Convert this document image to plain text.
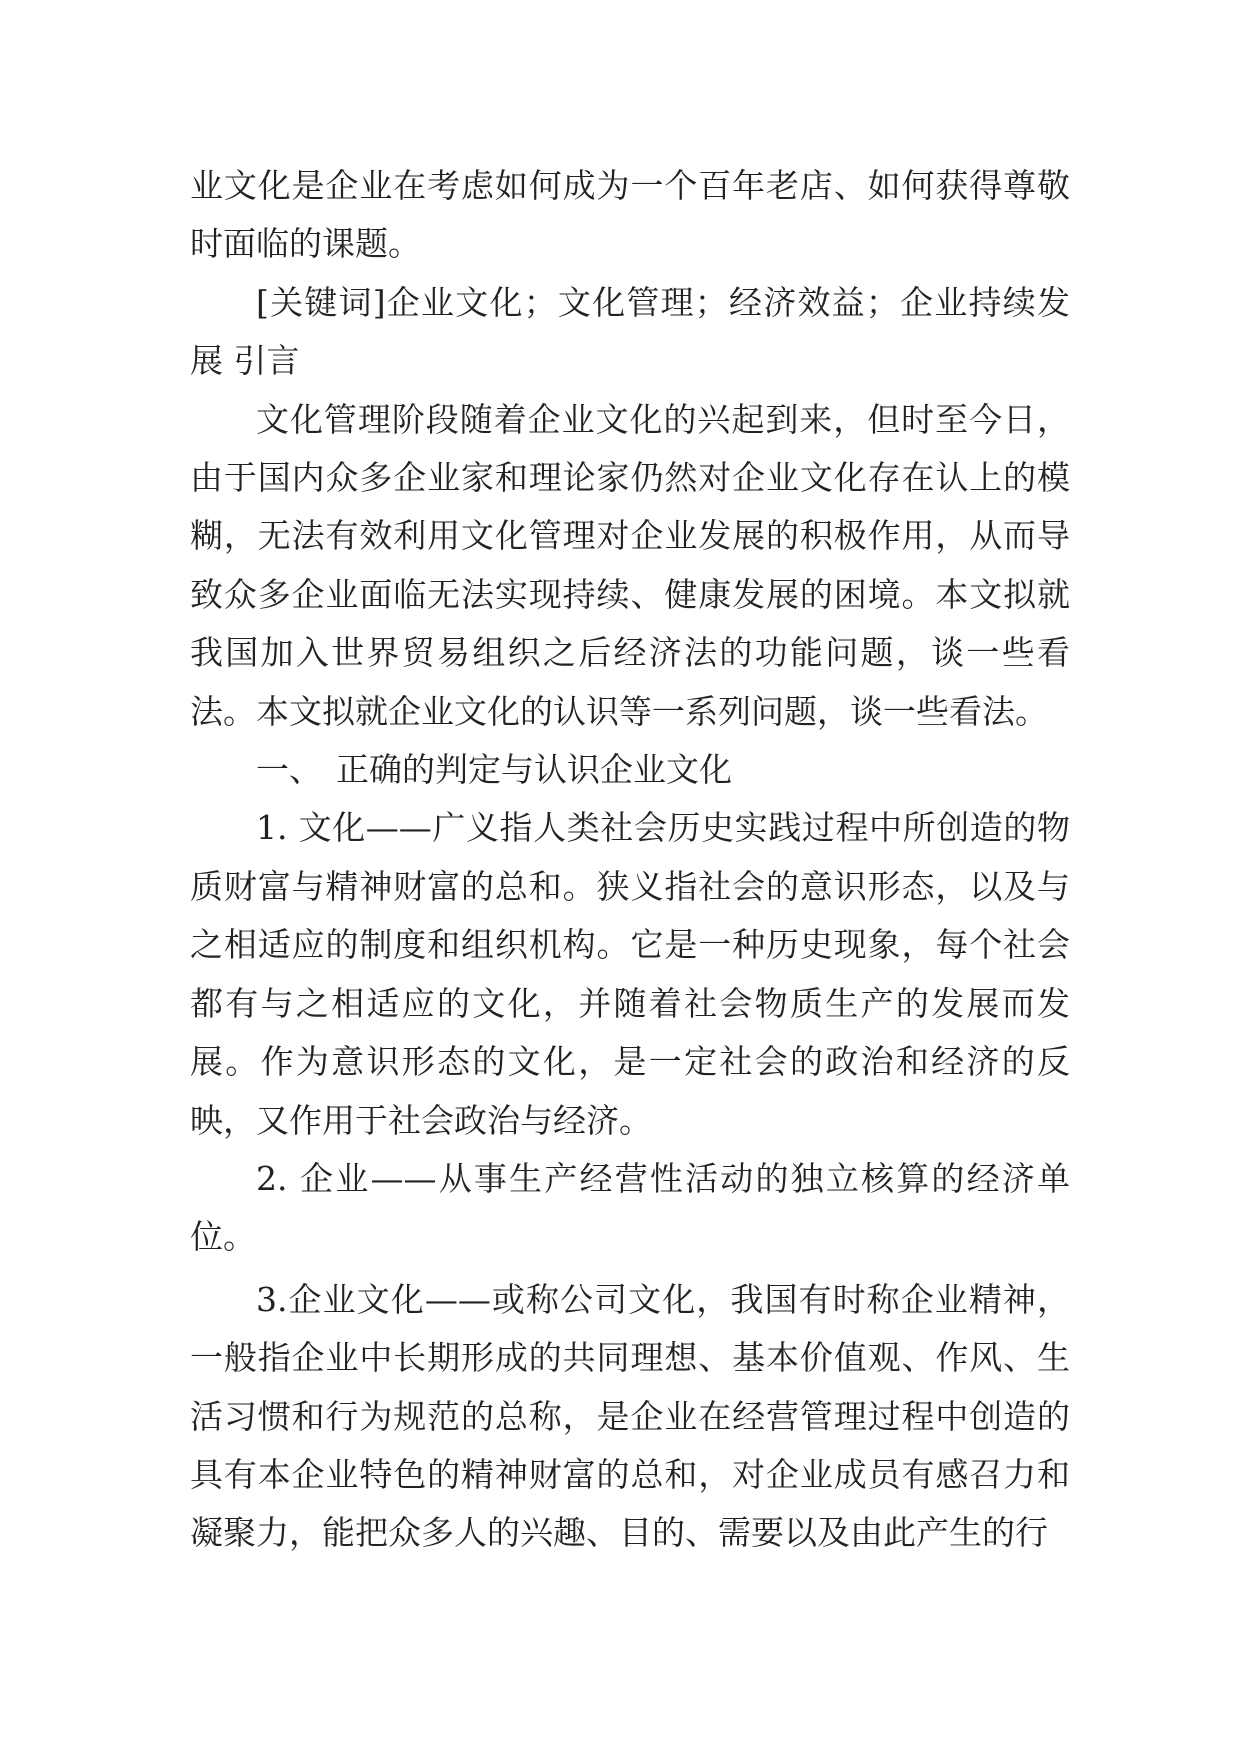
业文化是企业在考虑如何成为一个百年老店、如何获得尊敬时面临的课题。

[关键词]企业文化；文化管理；经济效益；企业持续发展 引言

文化管理阶段随着企业文化的兴起到来，但时至今日，由于国内众多企业家和理论家仍然对企业文化存在认上的模糊，无法有效利用文化管理对企业发展的积极作用，从而导致众多企业面临无法实现持续、健康发展的困境。本文拟就我国加入世界贸易组织之后经济法的功能问题，谈一些看法。本文拟就企业文化的认识等一系列问题，谈一些看法。

一、 正确的判定与认识企业文化

1. 文化——广义指人类社会历史实践过程中所创造的物质财富与精神财富的总和。狭义指社会的意识形态，以及与之相适应的制度和组织机构。它是一种历史现象，每个社会都有与之相适应的文化，并随着社会物质生产的发展而发展。作为意识形态的文化，是一定社会的政治和经济的反映，又作用于社会政治与经济。

2. 企业——从事生产经营性活动的独立核算的经济单位。

3.企业文化——或称公司文化，我国有时称企业精神，一般指企业中长期形成的共同理想、基本价值观、作风、生活习惯和行为规范的总称，是企业在经营管理过程中创造的具有本企业特色的精神财富的总和，对企业成员有感召力和凝聚力，能把众多人的兴趣、目的、需要以及由此产生的行
